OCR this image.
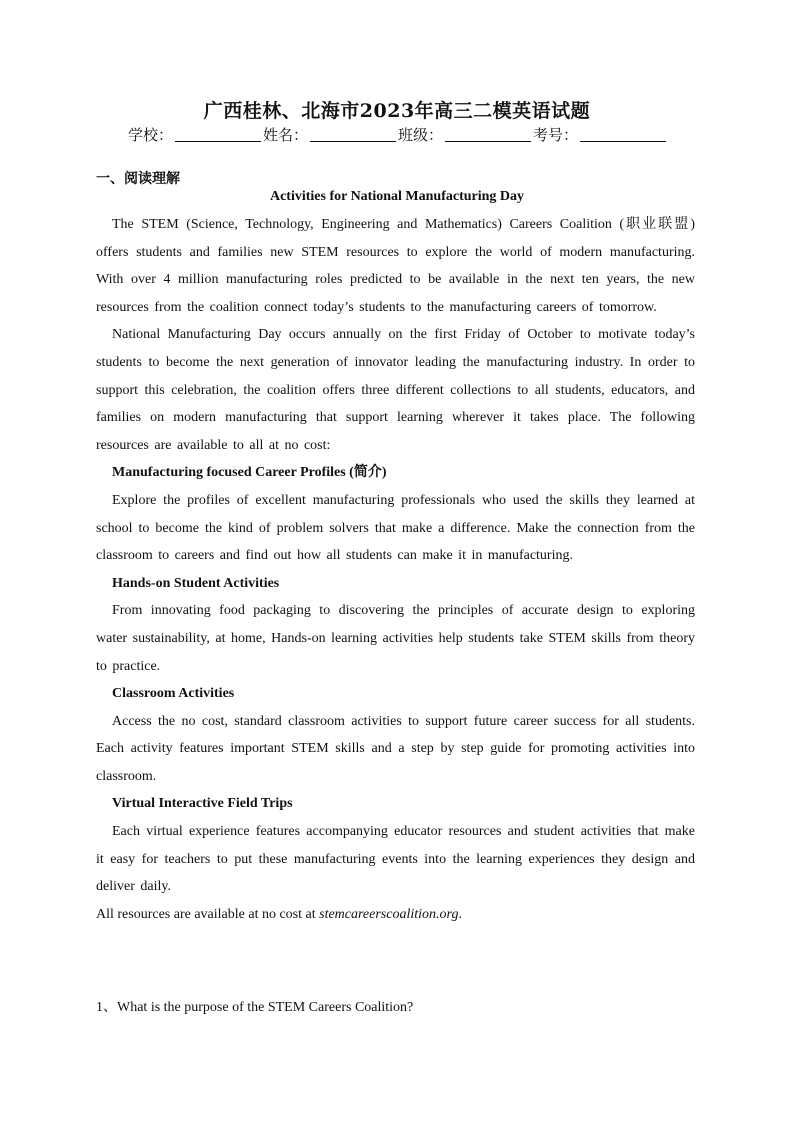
广西桂林、北海市2023年高三二模英语试题
学校：	姓名：	班级：	考号：
一、阅读理解
Activities for National Manufacturing Day

The STEM (Science, Technology, Engineering and Mathematics) Careers Coalition (职业联盟) offers students and families new STEM resources to explore the world of modern manufacturing. With over 4 million manufacturing roles predicted to be available in the next ten years, the new resources from the coalition connect today’s students to the manufacturing careers of tomorrow.

National Manufacturing Day occurs annually on the first Friday of October to motivate today’s students to become the next generation of innovator leading the manufacturing industry. In order to support this celebration, the coalition offers three different collections to all students, educators, and families on modern manufacturing that support learning wherever it takes place. The following resources are available to all at no cost:

Manufacturing focused Career Profiles (简介)

Explore the profiles of excellent manufacturing professionals who used the skills they learned at school to become the kind of problem solvers that make a difference. Make the connection from the classroom to careers and find out how all students can make it in manufacturing.

Hands-on Student Activities

From innovating food packaging to discovering the principles of accurate design to exploring water sustainability, at home, Hands-on learning activities help students take STEM skills from theory to practice.

Classroom Activities

Access the no cost, standard classroom activities to support future career success for all students. Each activity features important STEM skills and a step by step guide for promoting activities into classroom.

Virtual Interactive Field Trips

Each virtual experience features accompanying educator resources and student activities that make it easy for teachers to put these manufacturing events into the learning experiences they design and deliver daily.

All resources are available at no cost at stemcareerscoalition.org.

1、What is the purpose of the STEM Careers Coalition?
